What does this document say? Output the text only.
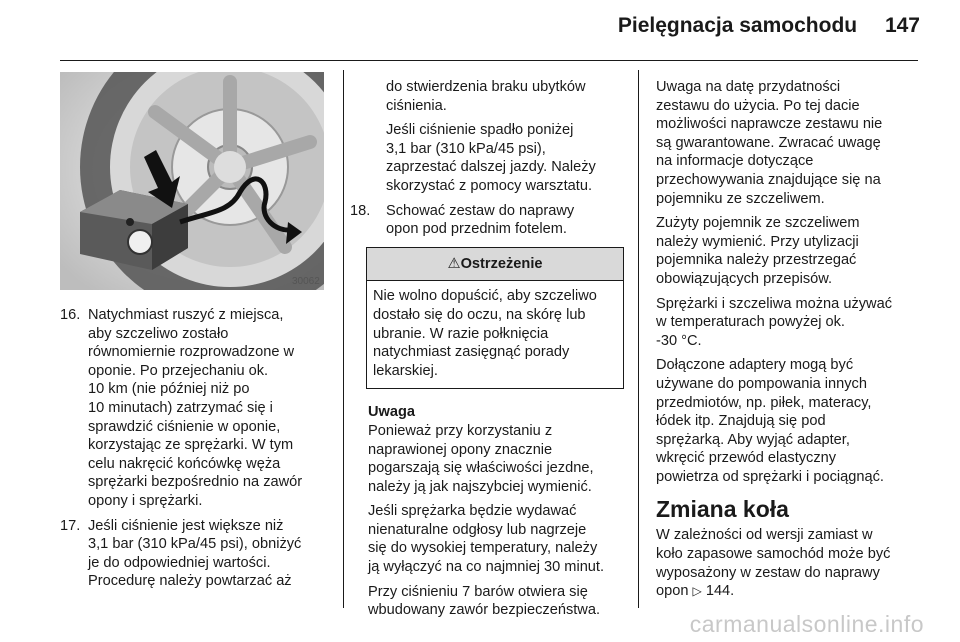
Pielęgnacja samochodu 147
30062
16. Natychmiast ruszyć z miejsca,
aby szczeliwo zostało
równomiernie rozprowadzone w
oponie. Po przejechaniu ok.
10 km (nie później niż po
10 minutach) zatrzymać się i
sprawdzić ciśnienie w oponie,
korzystając ze sprężarki. W tym
celu nakręcić końcówkę węża
sprężarki bezpośrednio na zawór
opony i sprężarki.
17. Jeśli ciśnienie jest większe niż
3,1 bar (310 kPa/45 psi), obniżyć
je do odpowiedniej wartości.
Procedurę należy powtarzać aż
do stwierdzenia braku ubytków
ciśnienia.
Jeśli ciśnienie spadło poniżej
3,1 bar (310 kPa/45 psi),
zaprzestać dalszej jazdy. Należy
skorzystać z pomocy warsztatu.
18. Schować zestaw do naprawy
opon pod przednim fotelem.
⚠Ostrzeżenie
Nie wolno dopuścić, aby szczeliwo
dostało się do oczu, na skórę lub
ubranie. W razie połknięcia
natychmiast zasięgnąć porady
lekarskiej.
Uwaga
Ponieważ przy korzystaniu z
naprawionej opony znacznie
pogarszają się właściwości jezdne,
należy ją jak najszybciej wymienić.
Jeśli sprężarka będzie wydawać
nienaturalne odgłosy lub nagrzeje
się do wysokiej temperatury, należy
ją wyłączyć na co najmniej 30 minut.
Przy ciśnieniu 7 barów otwiera się
wbudowany zawór bezpieczeństwa.
Uwaga na datę przydatności
zestawu do użycia. Po tej dacie
możliwości naprawcze zestawu nie
są gwarantowane. Zwracać uwagę
na informacje dotyczące
przechowywania znajdujące się na
pojemniku ze szczeliwem.
Zużyty pojemnik ze szczeliwem
należy wymienić. Przy utylizacji
pojemnika należy przestrzegać
obowiązujących przepisów.
Sprężarki i szczeliwa można używać
w temperaturach powyżej ok.
-30 °C.
Dołączone adaptery mogą być
używane do pompowania innych
przedmiotów, np. piłek, materacy,
łódek itp. Znajdują się pod
sprężarką. Aby wyjąć adapter,
wkręcić przewód elastyczny
powietrza od sprężarki i pociągnąć.
Zmiana koła
W zależności od wersji zamiast w
koło zapasowe samochód może być
wyposażony w zestaw do naprawy
opon ▷ 144.
carmanualsonline.info
